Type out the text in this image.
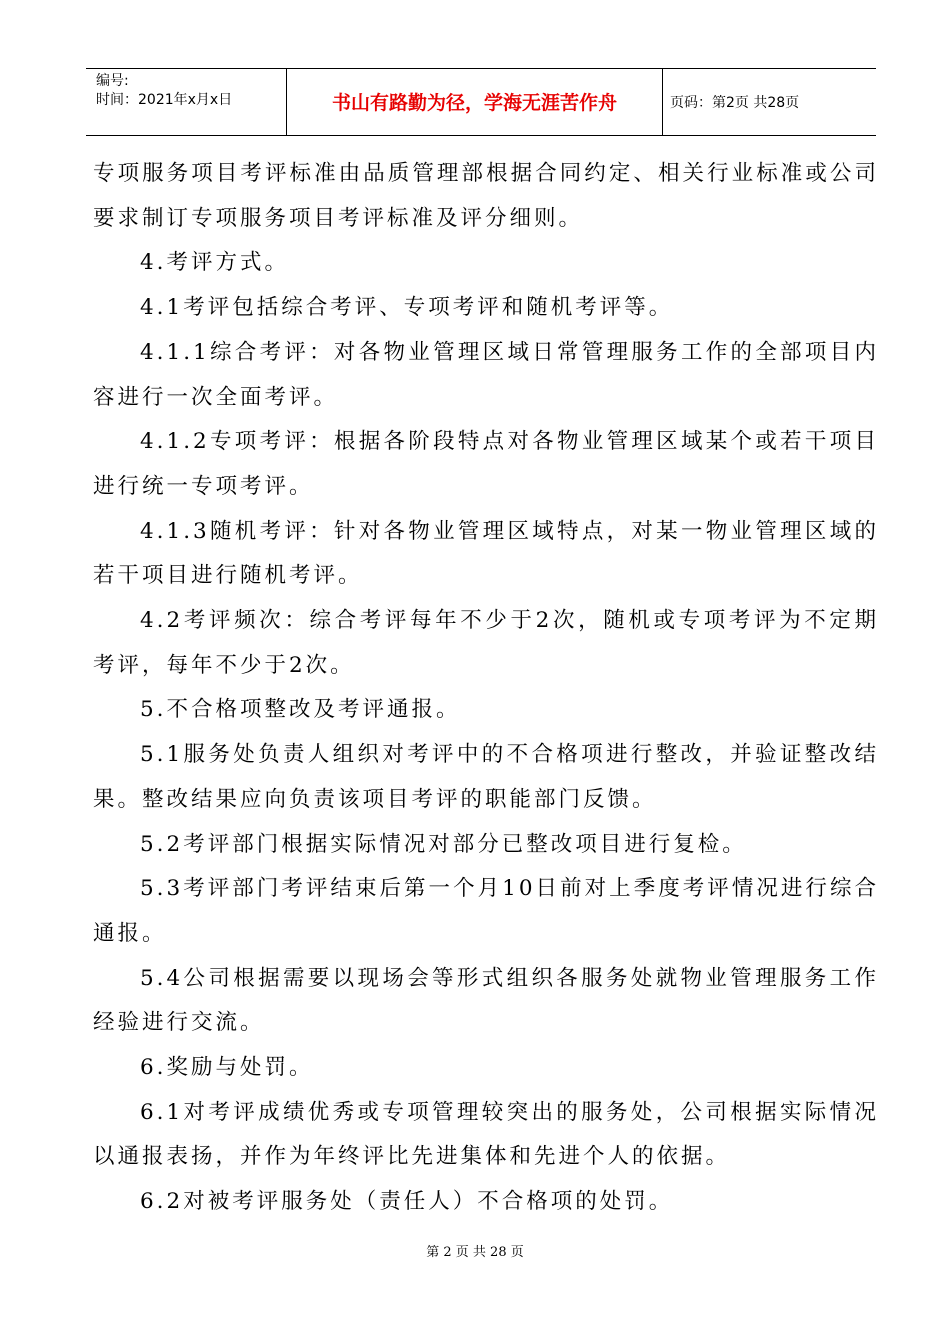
编号:
时间：2021年x月x日	书山有路勤为径，学海无涯苦作舟	页码：第2页 共28页

专项服务项目考评标准由品质管理部根据合同约定、相关行业标准或公司要求制订专项服务项目考评标准及评分细则。

4.考评方式。

4.1考评包括综合考评、专项考评和随机考评等。

4.1.1综合考评：对各物业管理区域日常管理服务工作的全部项目内容进行一次全面考评。

4.1.2专项考评：根据各阶段特点对各物业管理区域某个或若干项目进行统一专项考评。

4.1.3随机考评：针对各物业管理区域特点，对某一物业管理区域的若干项目进行随机考评。

4.2考评频次：综合考评每年不少于2次，随机或专项考评为不定期考评，每年不少于2次。

5.不合格项整改及考评通报。

5.1服务处负责人组织对考评中的不合格项进行整改，并验证整改结果。整改结果应向负责该项目考评的职能部门反馈。

5.2考评部门根据实际情况对部分已整改项目进行复检。

5.3考评部门考评结束后第一个月10日前对上季度考评情况进行综合通报。

5.4公司根据需要以现场会等形式组织各服务处就物业管理服务工作经验进行交流。

6.奖励与处罚。

6.1对考评成绩优秀或专项管理较突出的服务处，公司根据实际情况以通报表扬，并作为年终评比先进集体和先进个人的依据。

6.2对被考评服务处（责任人）不合格项的处罚。

第 2 页 共 28 页
